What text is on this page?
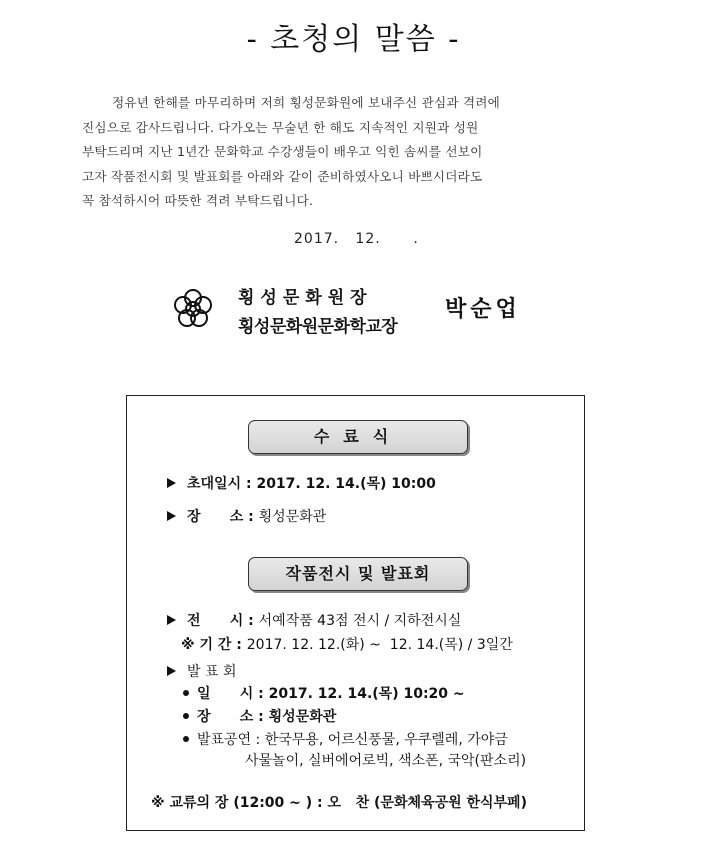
- 초청의 말씀 -
정유년 한해를 마무리하며 저희 횡성문화원에 보내주신 관심과 격려에
진심으로 감사드립니다. 다가오는 무술년 한 해도 지속적인 지원과 성원
부탁드리며 지난 1년간 문화학교 수강생들이 배우고 익힌 솜씨를 선보이
고자 작품전시회 및 발표회를 아래와 같이 준비하였사오니 바쁘시더라도
꼭 참석하시어 따뜻한 격려 부탁드립니다.
2017.   12.      .
횡성문화원장
횡성문화원문화학교장
박순업
수료식
초대일시 : 2017. 12. 14.(목) 10:00
장      소 : 횡성문화관
작품전시 및 발표회
전      시 : 서예작품 43점 전시 / 지하전시실
※ 기 간 : 2017. 12. 12.(화) ~  12. 14.(목) / 3일간
발 표 회
일      시 : 2017. 12. 14.(목) 10:20 ~
장      소 : 횡성문화관
발표공연 : 한국무용, 어르신풍물, 우쿠렐레, 가야금
사물놀이, 실버에어로빅, 색소폰, 국악(판소리)
※ 교류의 장 (12:00 ~ ) : 오   찬 (문화체육공원 한식부페)
